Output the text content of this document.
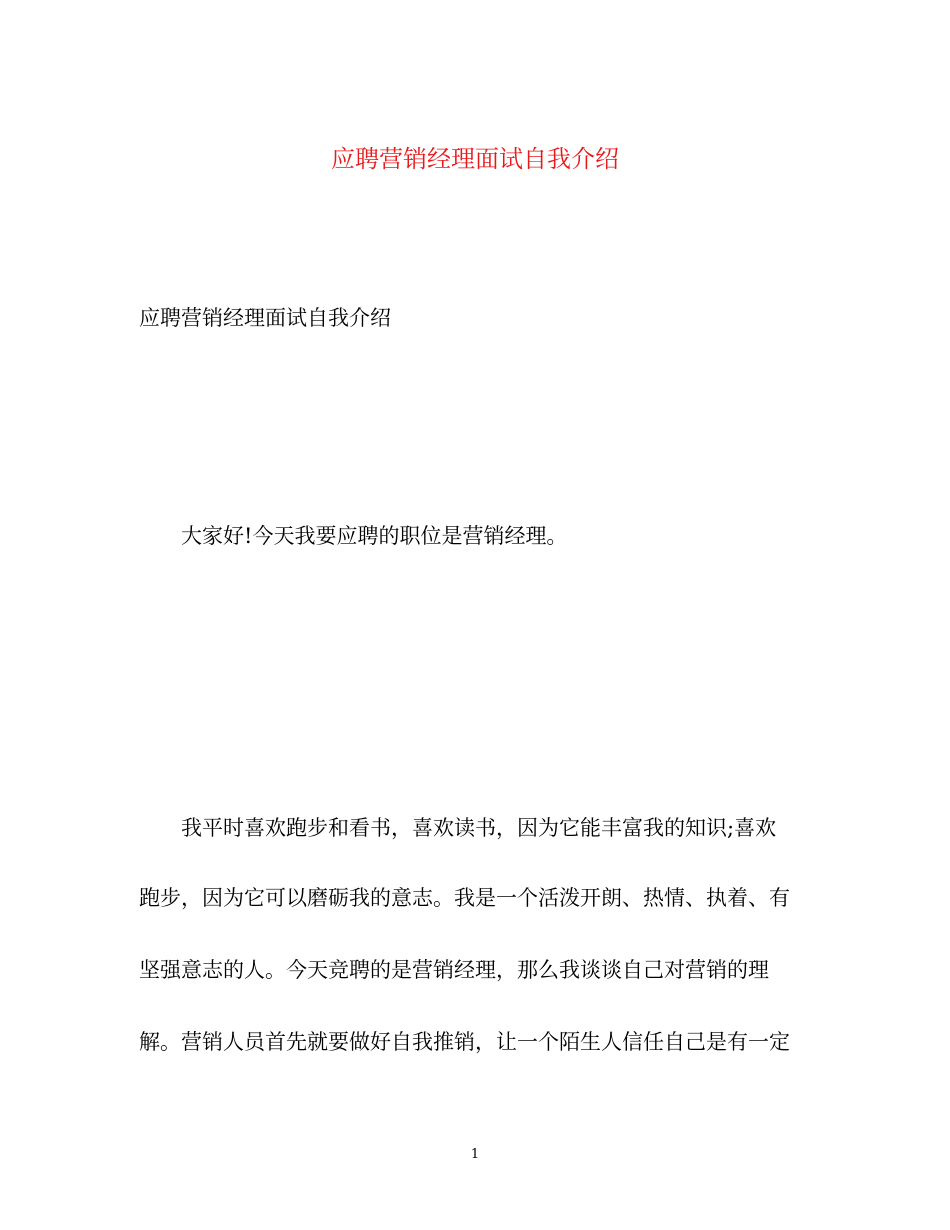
应聘营销经理面试自我介绍
应聘营销经理面试自我介绍
大家好!今天我要应聘的职位是营销经理。
我平时喜欢跑步和看书，喜欢读书，因为它能丰富我的知识;喜欢
跑步，因为它可以磨砺我的意志。我是一个活泼开朗、热情、执着、有
坚强意志的人。今天竞聘的是营销经理，那么我谈谈自己对营销的理
解。营销人员首先就要做好自我推销，让一个陌生人信任自己是有一定
1
